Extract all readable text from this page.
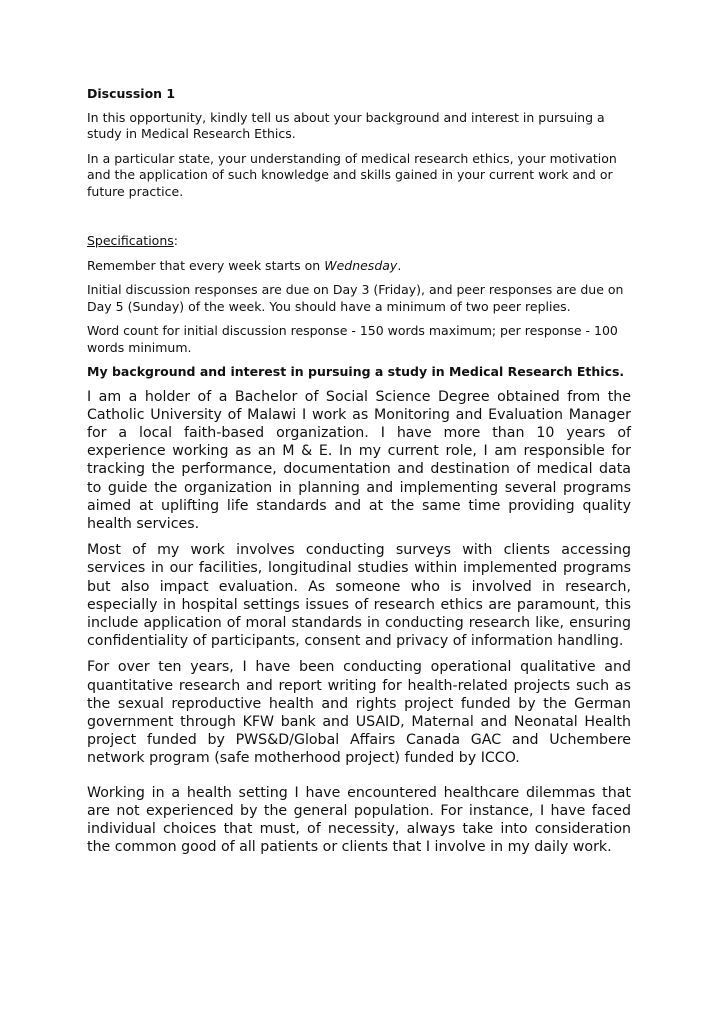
Discussion 1

In this opportunity, kindly tell us about your background and interest in pursuing a study in Medical Research Ethics.

In a particular state, your understanding of medical research ethics, your motivation and the application of such knowledge and skills gained in your current work and or future practice.

Specifications:

Remember that every week starts on Wednesday.

Initial discussion responses are due on Day 3 (Friday), and peer responses are due on Day 5 (Sunday) of the week. You should have a minimum of two peer replies.

Word count for initial discussion response - 150 words maximum; per response - 100 words minimum.

My background and interest in pursuing a study in Medical Research Ethics.

I am a holder of a Bachelor of Social Science Degree obtained from the Catholic University of Malawi I work as Monitoring and Evaluation Manager for a local faith-based organization. I have more than 10 years of experience working as an M & E. In my current role, I am responsible for tracking the performance, documentation and destination of medical data to guide the organization in planning and implementing several programs aimed at uplifting life standards and at the same time providing quality health services.

Most of my work involves conducting surveys with clients accessing services in our facilities, longitudinal studies within implemented programs but also impact evaluation. As someone who is involved in research, especially in hospital settings issues of research ethics are paramount, this include application of moral standards in conducting research like, ensuring confidentiality of participants, consent and privacy of information handling.

For over ten years, I have been conducting operational qualitative and quantitative research and report writing for health-related projects such as the sexual reproductive health and rights project funded by the German government through KFW bank and USAID, Maternal and Neonatal Health project funded by PWS&D/Global Affairs Canada GAC and Uchembere network program (safe motherhood project) funded by ICCO.

Working in a health setting I have encountered healthcare dilemmas that are not experienced by the general population. For instance, I have faced individual choices that must, of necessity, always take into consideration the common good of all patients or clients that I involve in my daily work.
